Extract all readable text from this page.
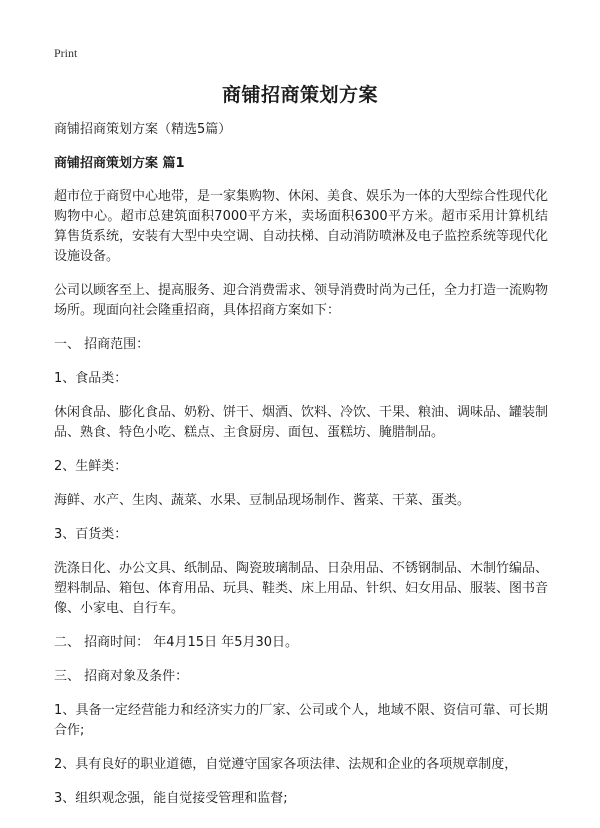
Print
商铺招商策划方案

商铺招商策划方案（精选5篇）

商铺招商策划方案 篇1

超市位于商贸中心地带，是一家集购物、休闲、美食、娱乐为一体的大型综合性现代化购物中心。超市总建筑面积7000平方米，卖场面积6300平方米。超市采用计算机结算售货系统，安装有大型中央空调、自动扶梯、自动消防喷淋及电子监控系统等现代化设施设备。

公司以顾客至上、提高服务、迎合消费需求、领导消费时尚为己任，全力打造一流购物场所。现面向社会隆重招商，具体招商方案如下：

一、 招商范围：

1、食品类：

休闲食品、膨化食品、奶粉、饼干、烟酒、饮料、冷饮、干果、粮油、调味品、罐装制品、熟食、特色小吃、糕点、主食厨房、面包、蛋糕坊、腌腊制品。

2、生鲜类：

海鲜、水产、生肉、蔬菜、水果、豆制品现场制作、酱菜、干菜、蛋类。

3、百货类：

洗涤日化、办公文具、纸制品、陶瓷玻璃制品、日杂用品、不锈钢制品、木制竹编品、塑料制品、箱包、体育用品、玩具、鞋类、床上用品、针织、妇女用品、服装、图书音像、小家电、自行车。

二、 招商时间： 年4月15日 年5月30日。

三、 招商对象及条件：

1、具备一定经营能力和经济实力的厂家、公司或个人，地域不限、资信可靠、可长期合作;

2、具有良好的职业道德，自觉遵守国家各项法律、法规和企业的各项规章制度，

3、组织观念强，能自觉接受管理和监督;
